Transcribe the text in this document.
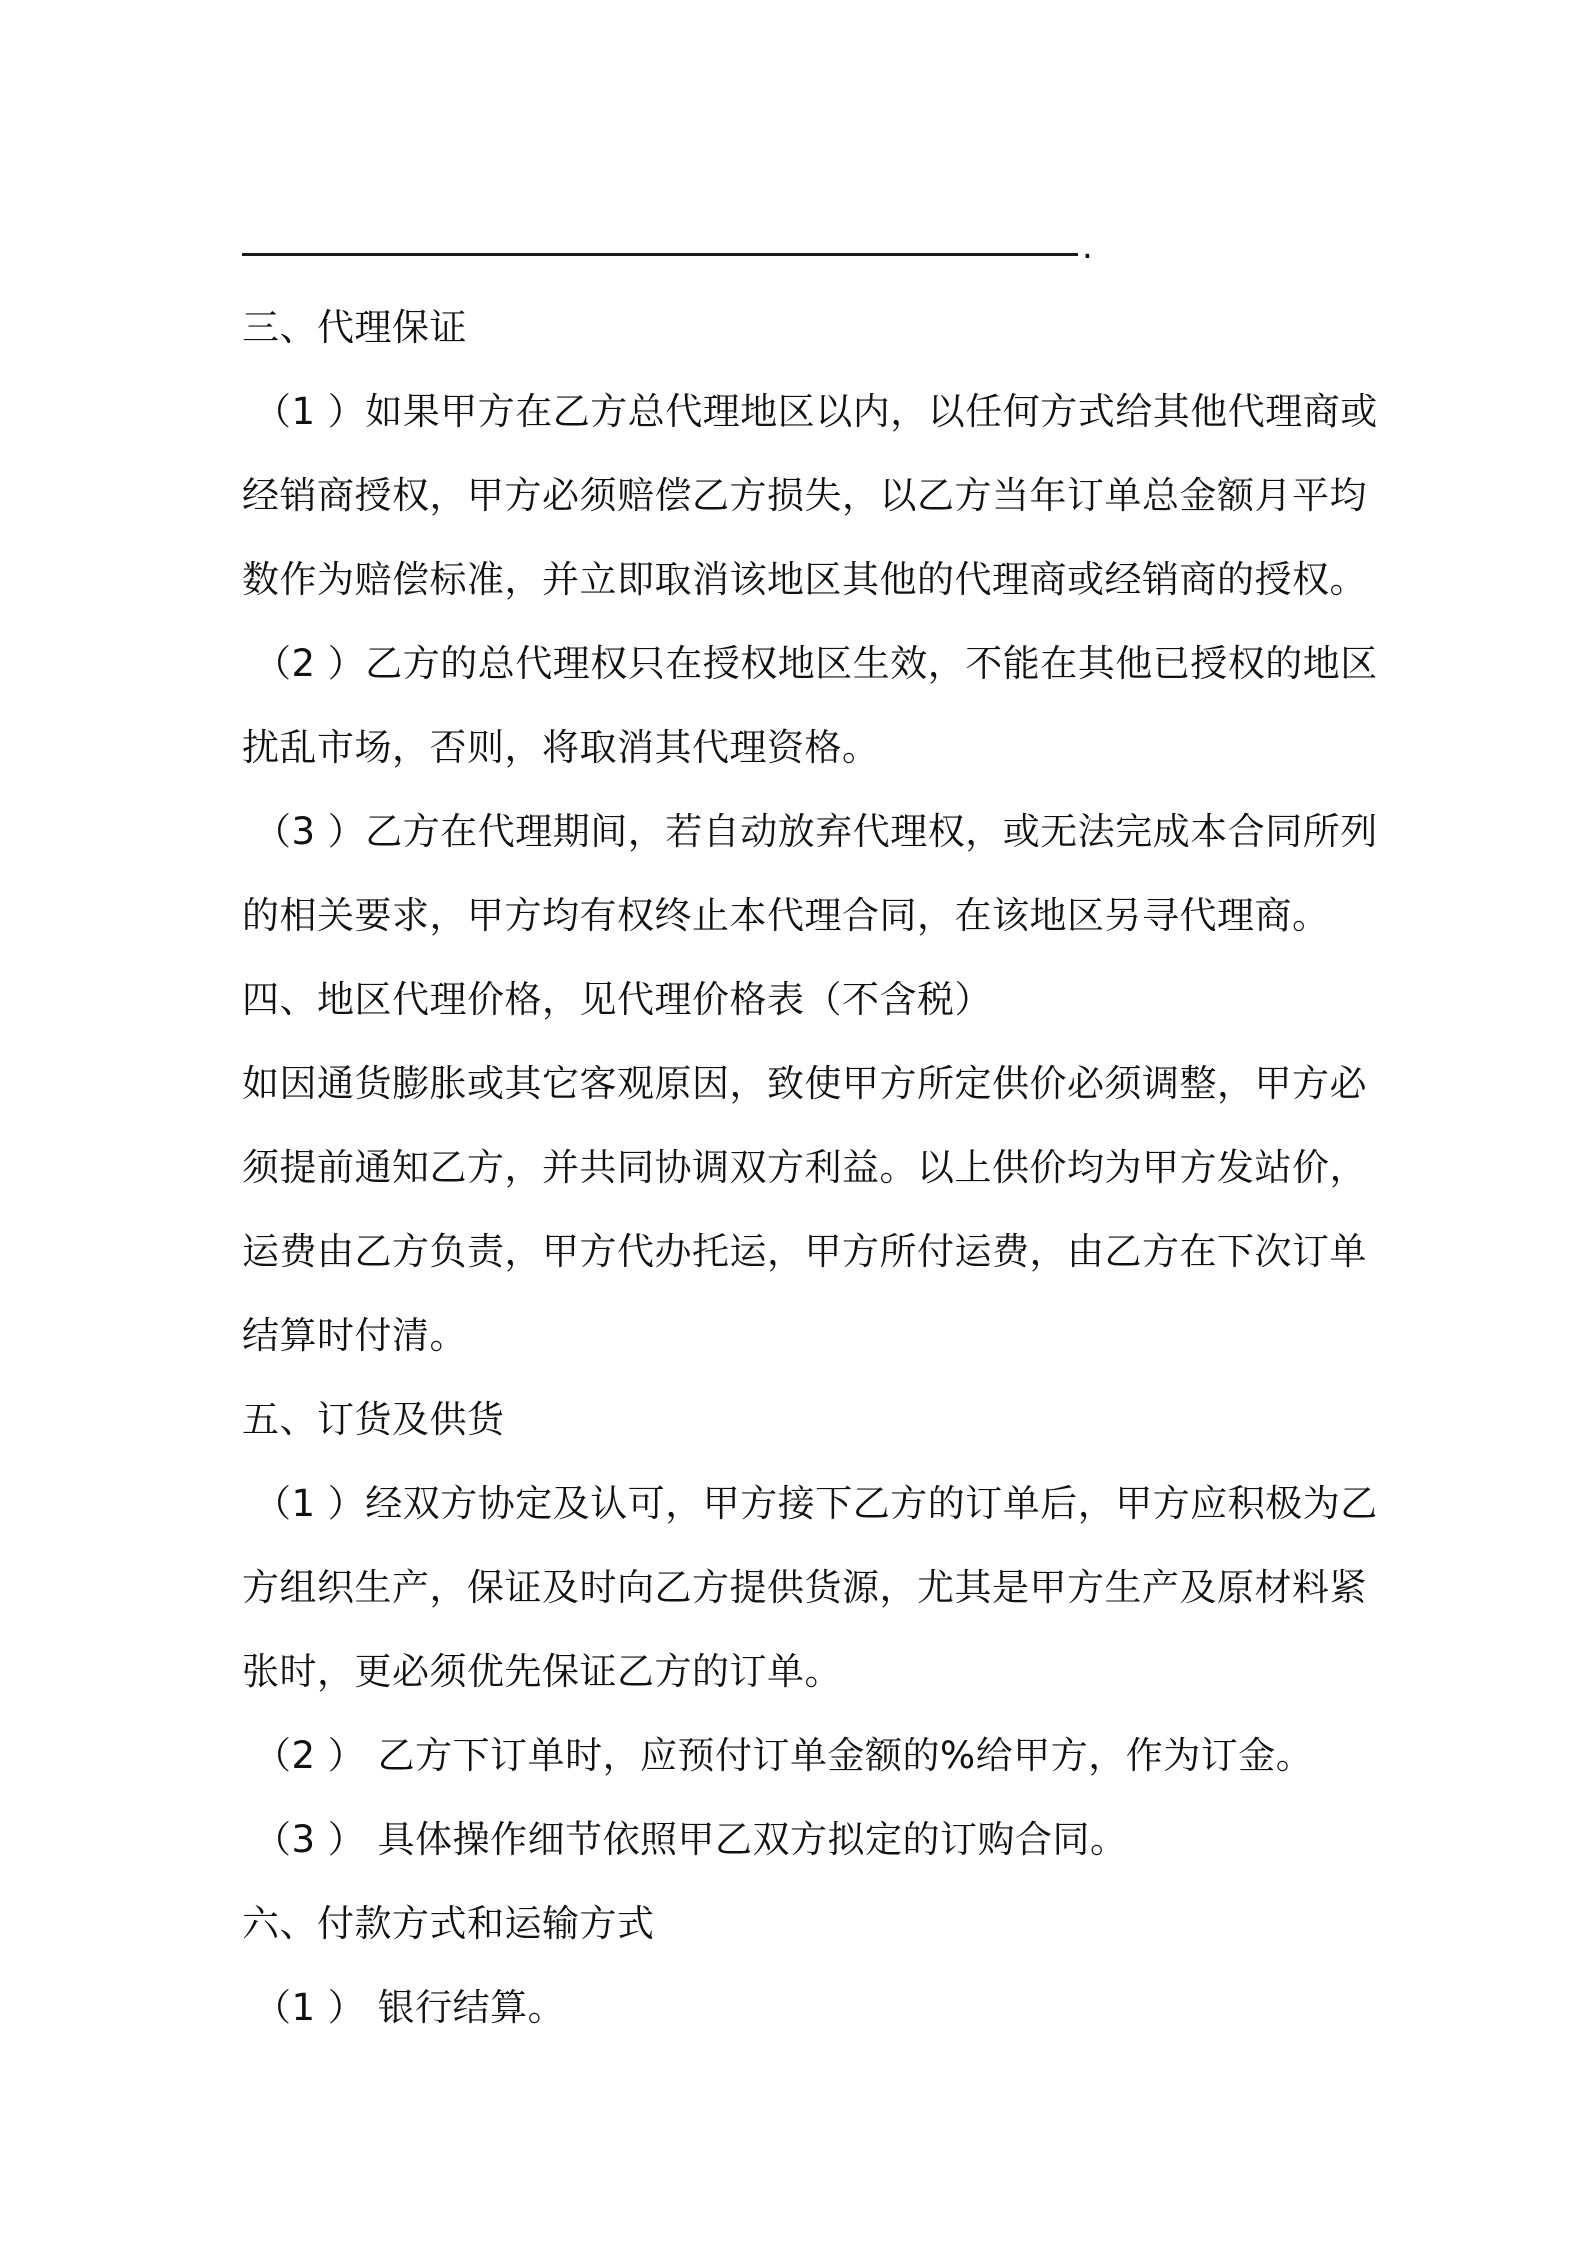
.

三、代理保证

（1 ）如果甲方在乙方总代理地区以内，以任何方式给其他代理商或

经销商授权，甲方必须赔偿乙方损失，以乙方当年订单总金额月平均

数作为赔偿标准，并立即取消该地区其他的代理商或经销商的授权。

（2 ）乙方的总代理权只在授权地区生效，不能在其他已授权的地区

扰乱市场，否则，将取消其代理资格。

（3 ）乙方在代理期间，若自动放弃代理权，或无法完成本合同所列

的相关要求，甲方均有权终止本代理合同，在该地区另寻代理商。

四、地区代理价格，见代理价格表（不含税）

如因通货膨胀或其它客观原因，致使甲方所定供价必须调整，甲方必

须提前通知乙方，并共同协调双方利益。以上供价均为甲方发站价，

运费由乙方负责，甲方代办托运，甲方所付运费，由乙方在下次订单

结算时付清。

五、订货及供货

（1 ）经双方协定及认可，甲方接下乙方的订单后，甲方应积极为乙

方组织生产，保证及时向乙方提供货源，尤其是甲方生产及原材料紧

张时，更必须优先保证乙方的订单。

（2 ） 乙方下订单时，应预付订单金额的%给甲方，作为订金。

（3 ） 具体操作细节依照甲乙双方拟定的订购合同。

六、付款方式和运输方式

（1 ） 银行结算。
